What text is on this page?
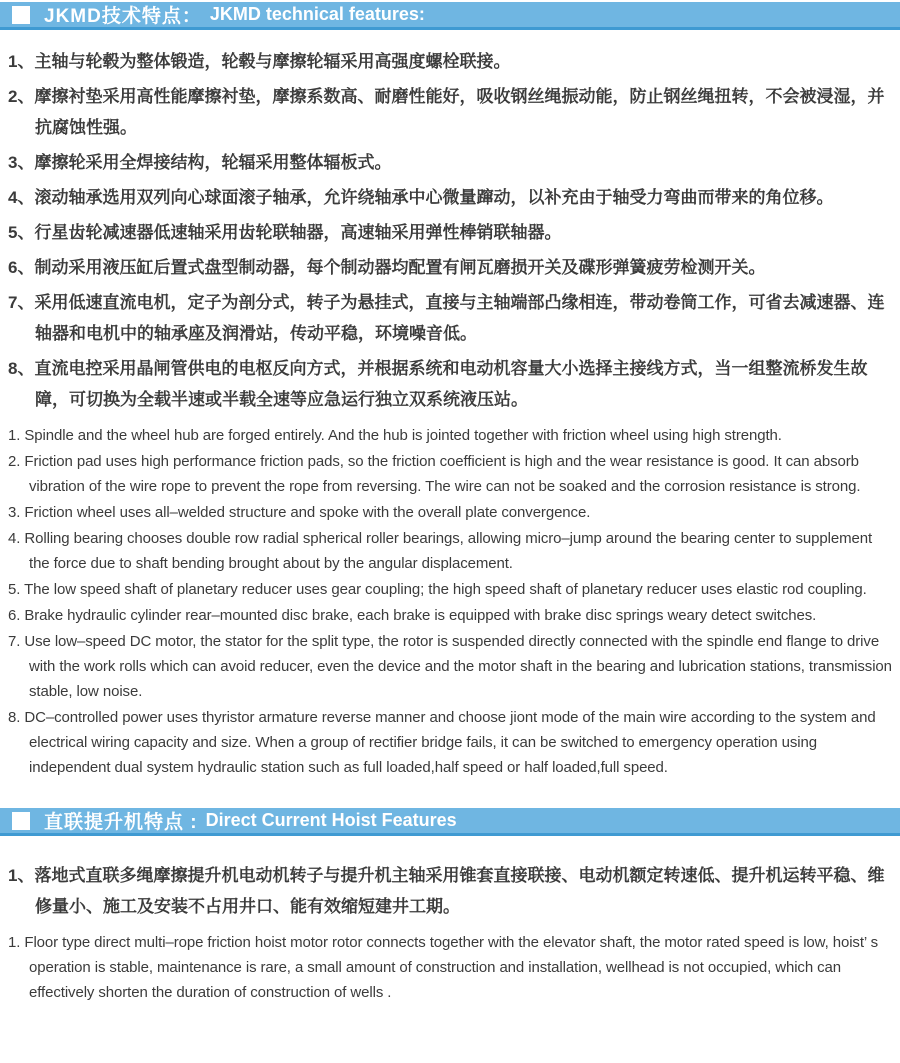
JKMD技术特点： JKMD technical features:

1、主轴与轮毂为整体锻造，轮毂与摩擦轮辐采用高强度螺栓联接。

2、摩擦衬垫采用高性能摩擦衬垫，摩擦系数高、耐磨性能好，吸收钢丝绳振动能，防止钢丝绳扭转，不会被浸湿，并抗腐蚀性强。

3、摩擦轮采用全焊接结构，轮辐采用整体辐板式。

4、滚动轴承选用双列向心球面滚子轴承，允许绕轴承中心微量蹿动，以补充由于轴受力弯曲而带来的角位移。

5、行星齿轮减速器低速轴采用齿轮联轴器，高速轴采用弹性棒销联轴器。

6、制动采用液压缸后置式盘型制动器，每个制动器均配置有闸瓦磨损开关及碟形弹簧疲劳检测开关。

7、采用低速直流电机，定子为剖分式，转子为悬挂式，直接与主轴端部凸缘相连，带动卷筒工作，可省去减速器、连轴器和电机中的轴承座及润滑站，传动平稳，环境噪音低。

8、直流电控采用晶闸管供电的电枢反向方式，并根据系统和电动机容量大小选择主接线方式，当一组整流桥发生故障，可切换为全载半速或半载全速等应急运行独立双系统液压站。

1. Spindle and the wheel hub are forged entirely. And the hub is jointed together with friction wheel using high strength.

2. Friction pad uses high performance friction pads, so the friction coefficient is high and the wear resistance is good. It can absorb vibration of the wire rope to prevent the rope from reversing. The wire can not be soaked and the corrosion resistance is strong.

3. Friction wheel uses all–welded structure and spoke with the overall plate convergence.

4. Rolling bearing chooses double row radial spherical roller bearings, allowing micro–jump around the bearing center to supplement the force due to shaft bending brought about by the angular displacement.

5. The low speed shaft of planetary reducer uses gear coupling; the high speed shaft of planetary reducer uses elastic rod coupling.

6. Brake hydraulic cylinder rear–mounted disc brake, each brake is equipped with brake disc springs weary detect switches.

7. Use low–speed DC motor, the stator for the split type, the rotor is suspended directly connected with the spindle end flange to drive with the work rolls which can avoid reducer, even the device and the motor shaft in the bearing and lubrication stations, transmission stable, low noise.

8. DC–controlled power uses thyristor armature reverse manner and choose jiont mode of the main wire according to the system and electrical wiring capacity and size. When a group of rectifier bridge fails, it can be switched to emergency operation using independent dual system hydraulic station such as full loaded,half speed or half loaded,full speed.

直联提升机特点 : Direct Current Hoist Features

1、落地式直联多绳摩擦提升机电动机转子与提升机主轴采用锥套直接联接、电动机额定转速低、提升机运转平稳、维修量小、施工及安装不占用井口、能有效缩短建井工期。

1. Floor type direct multi–rope friction hoist motor rotor connects together with the elevator shaft, the motor rated speed is low, hoist’ s operation is stable, maintenance is rare, a small amount of construction and installation, wellhead is not occupied, which can effectively shorten the duration of construction of wells .
